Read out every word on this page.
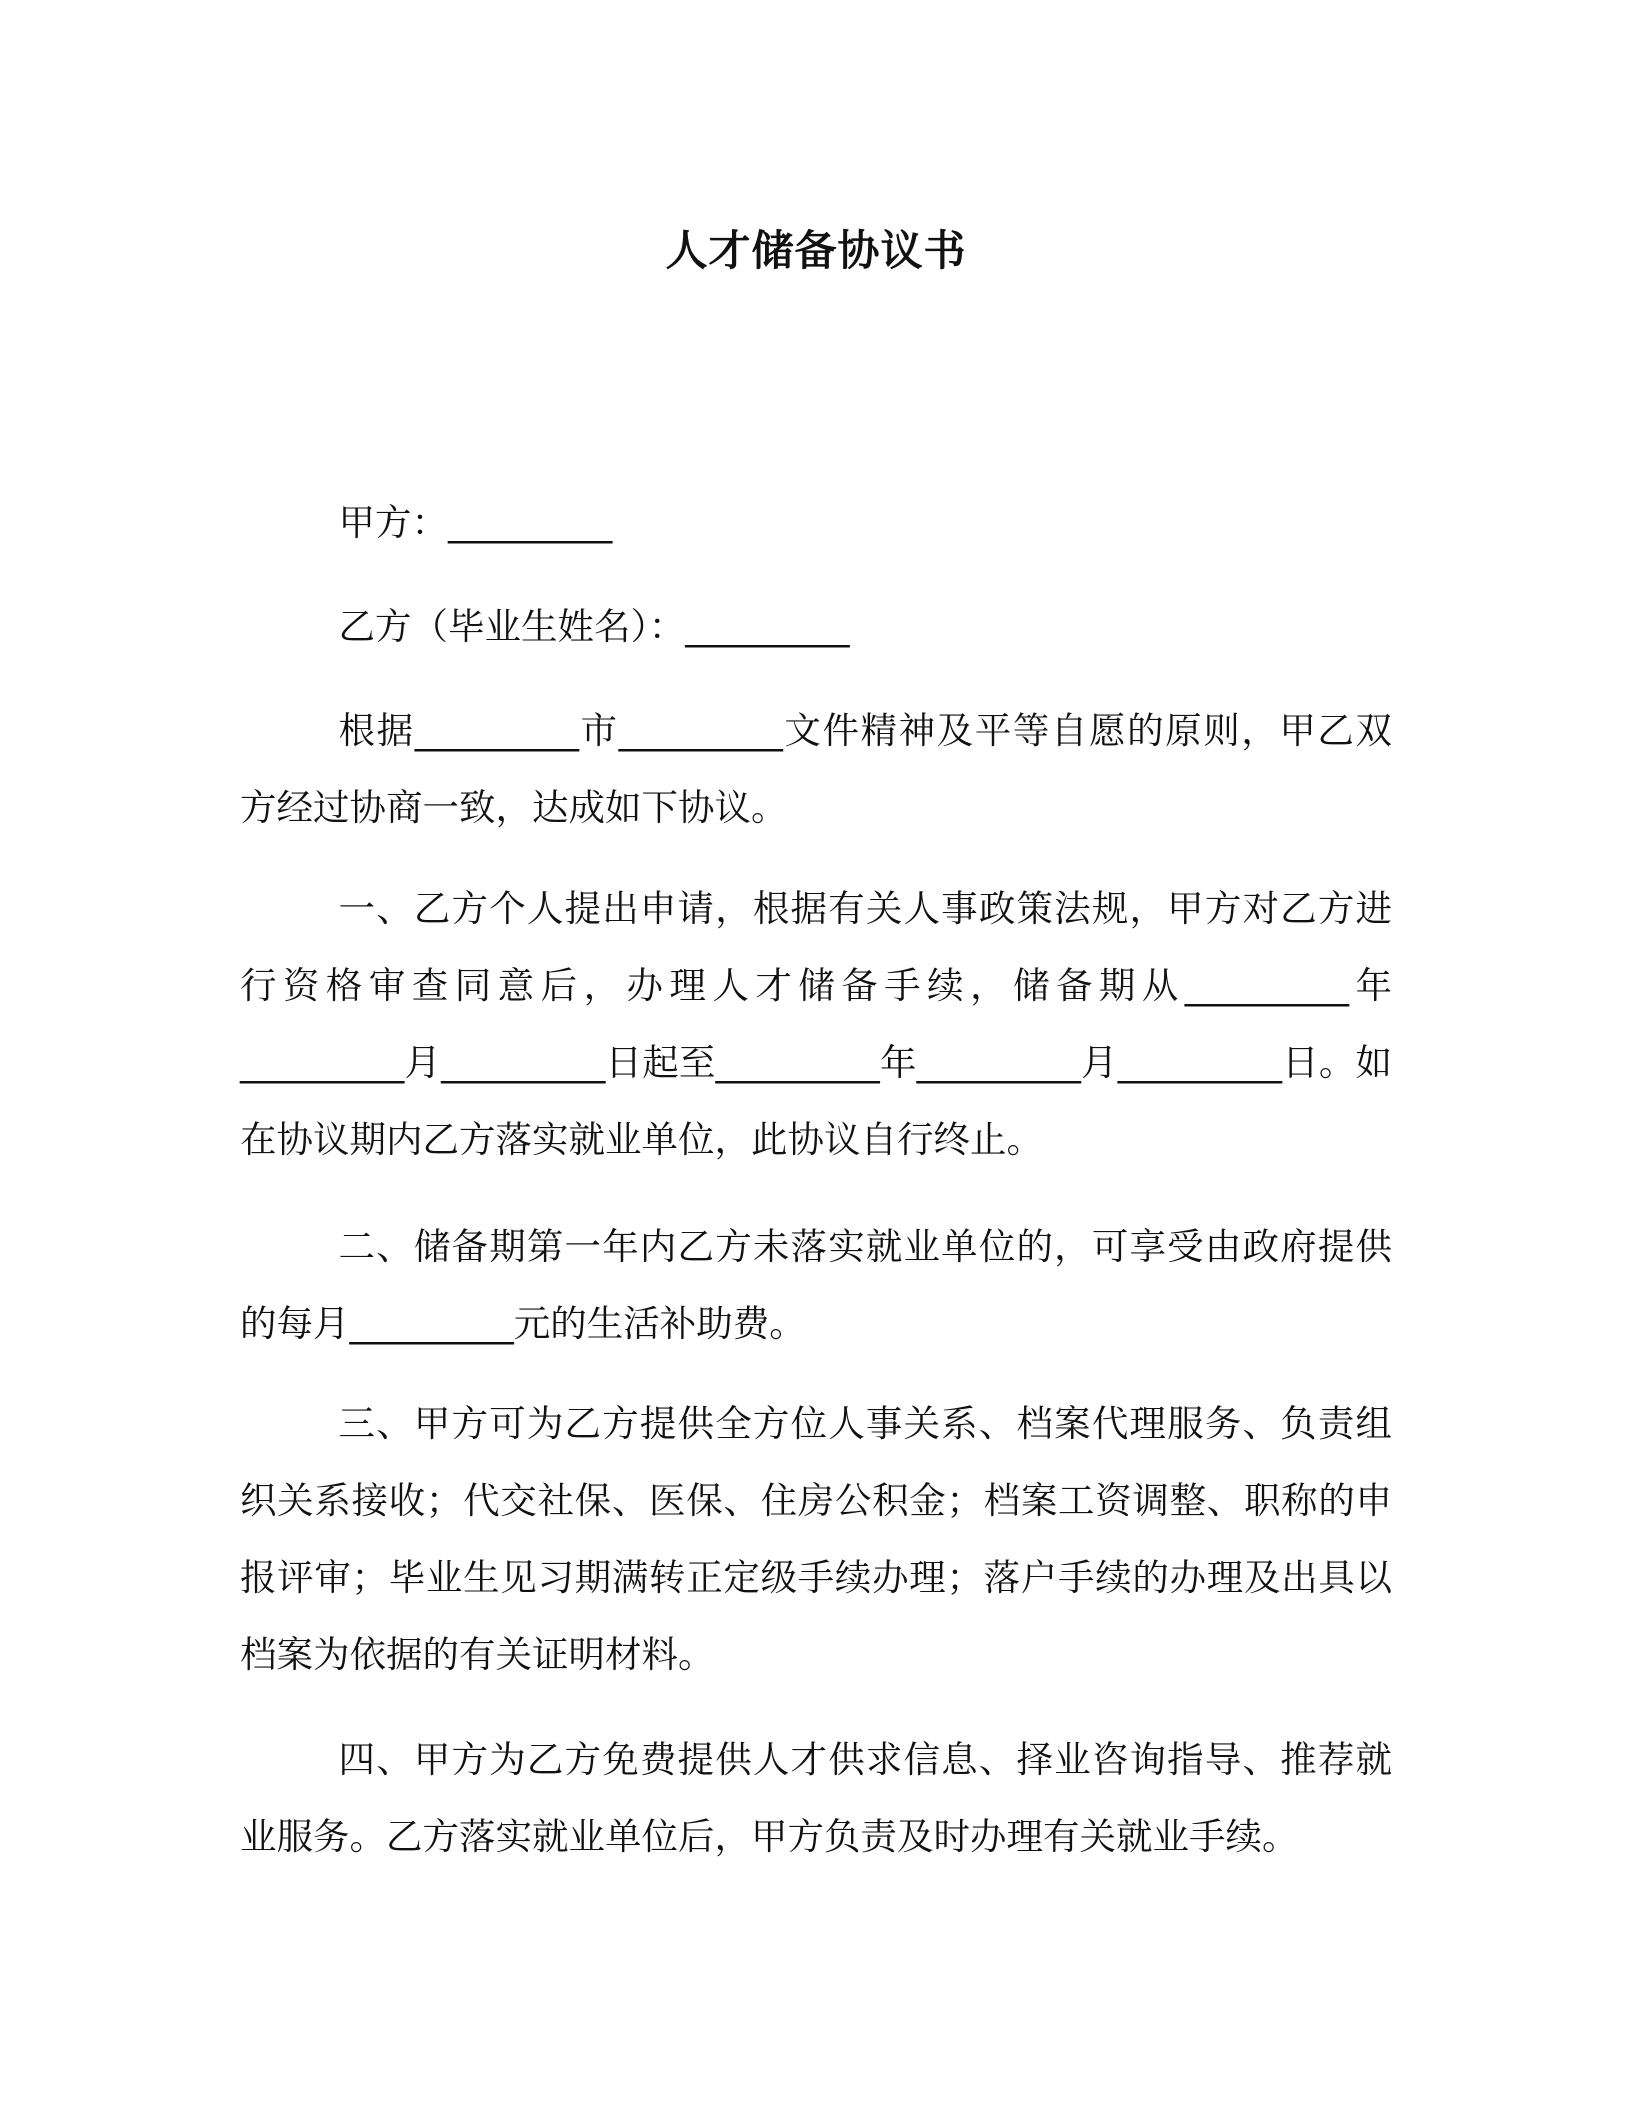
人才储备协议书

甲方：_________

乙方（毕业生姓名）：_________

根据_________市_________文件精神及平等自愿的原则，甲乙双方经过协商一致，达成如下协议。

一、乙方个人提出申请，根据有关人事政策法规，甲方对乙方进行资格审查同意后，办理人才储备手续，储备期从_________年_________月_________日起至_________年_________月_________日。如在协议期内乙方落实就业单位，此协议自行终止。

二、储备期第一年内乙方未落实就业单位的，可享受由政府提供的每月_________元的生活补助费。

三、甲方可为乙方提供全方位人事关系、档案代理服务、负责组织关系接收；代交社保、医保、住房公积金；档案工资调整、职称的申报评审；毕业生见习期满转正定级手续办理；落户手续的办理及出具以档案为依据的有关证明材料。

四、甲方为乙方免费提供人才供求信息、择业咨询指导、推荐就业服务。乙方落实就业单位后，甲方负责及时办理有关就业手续。
